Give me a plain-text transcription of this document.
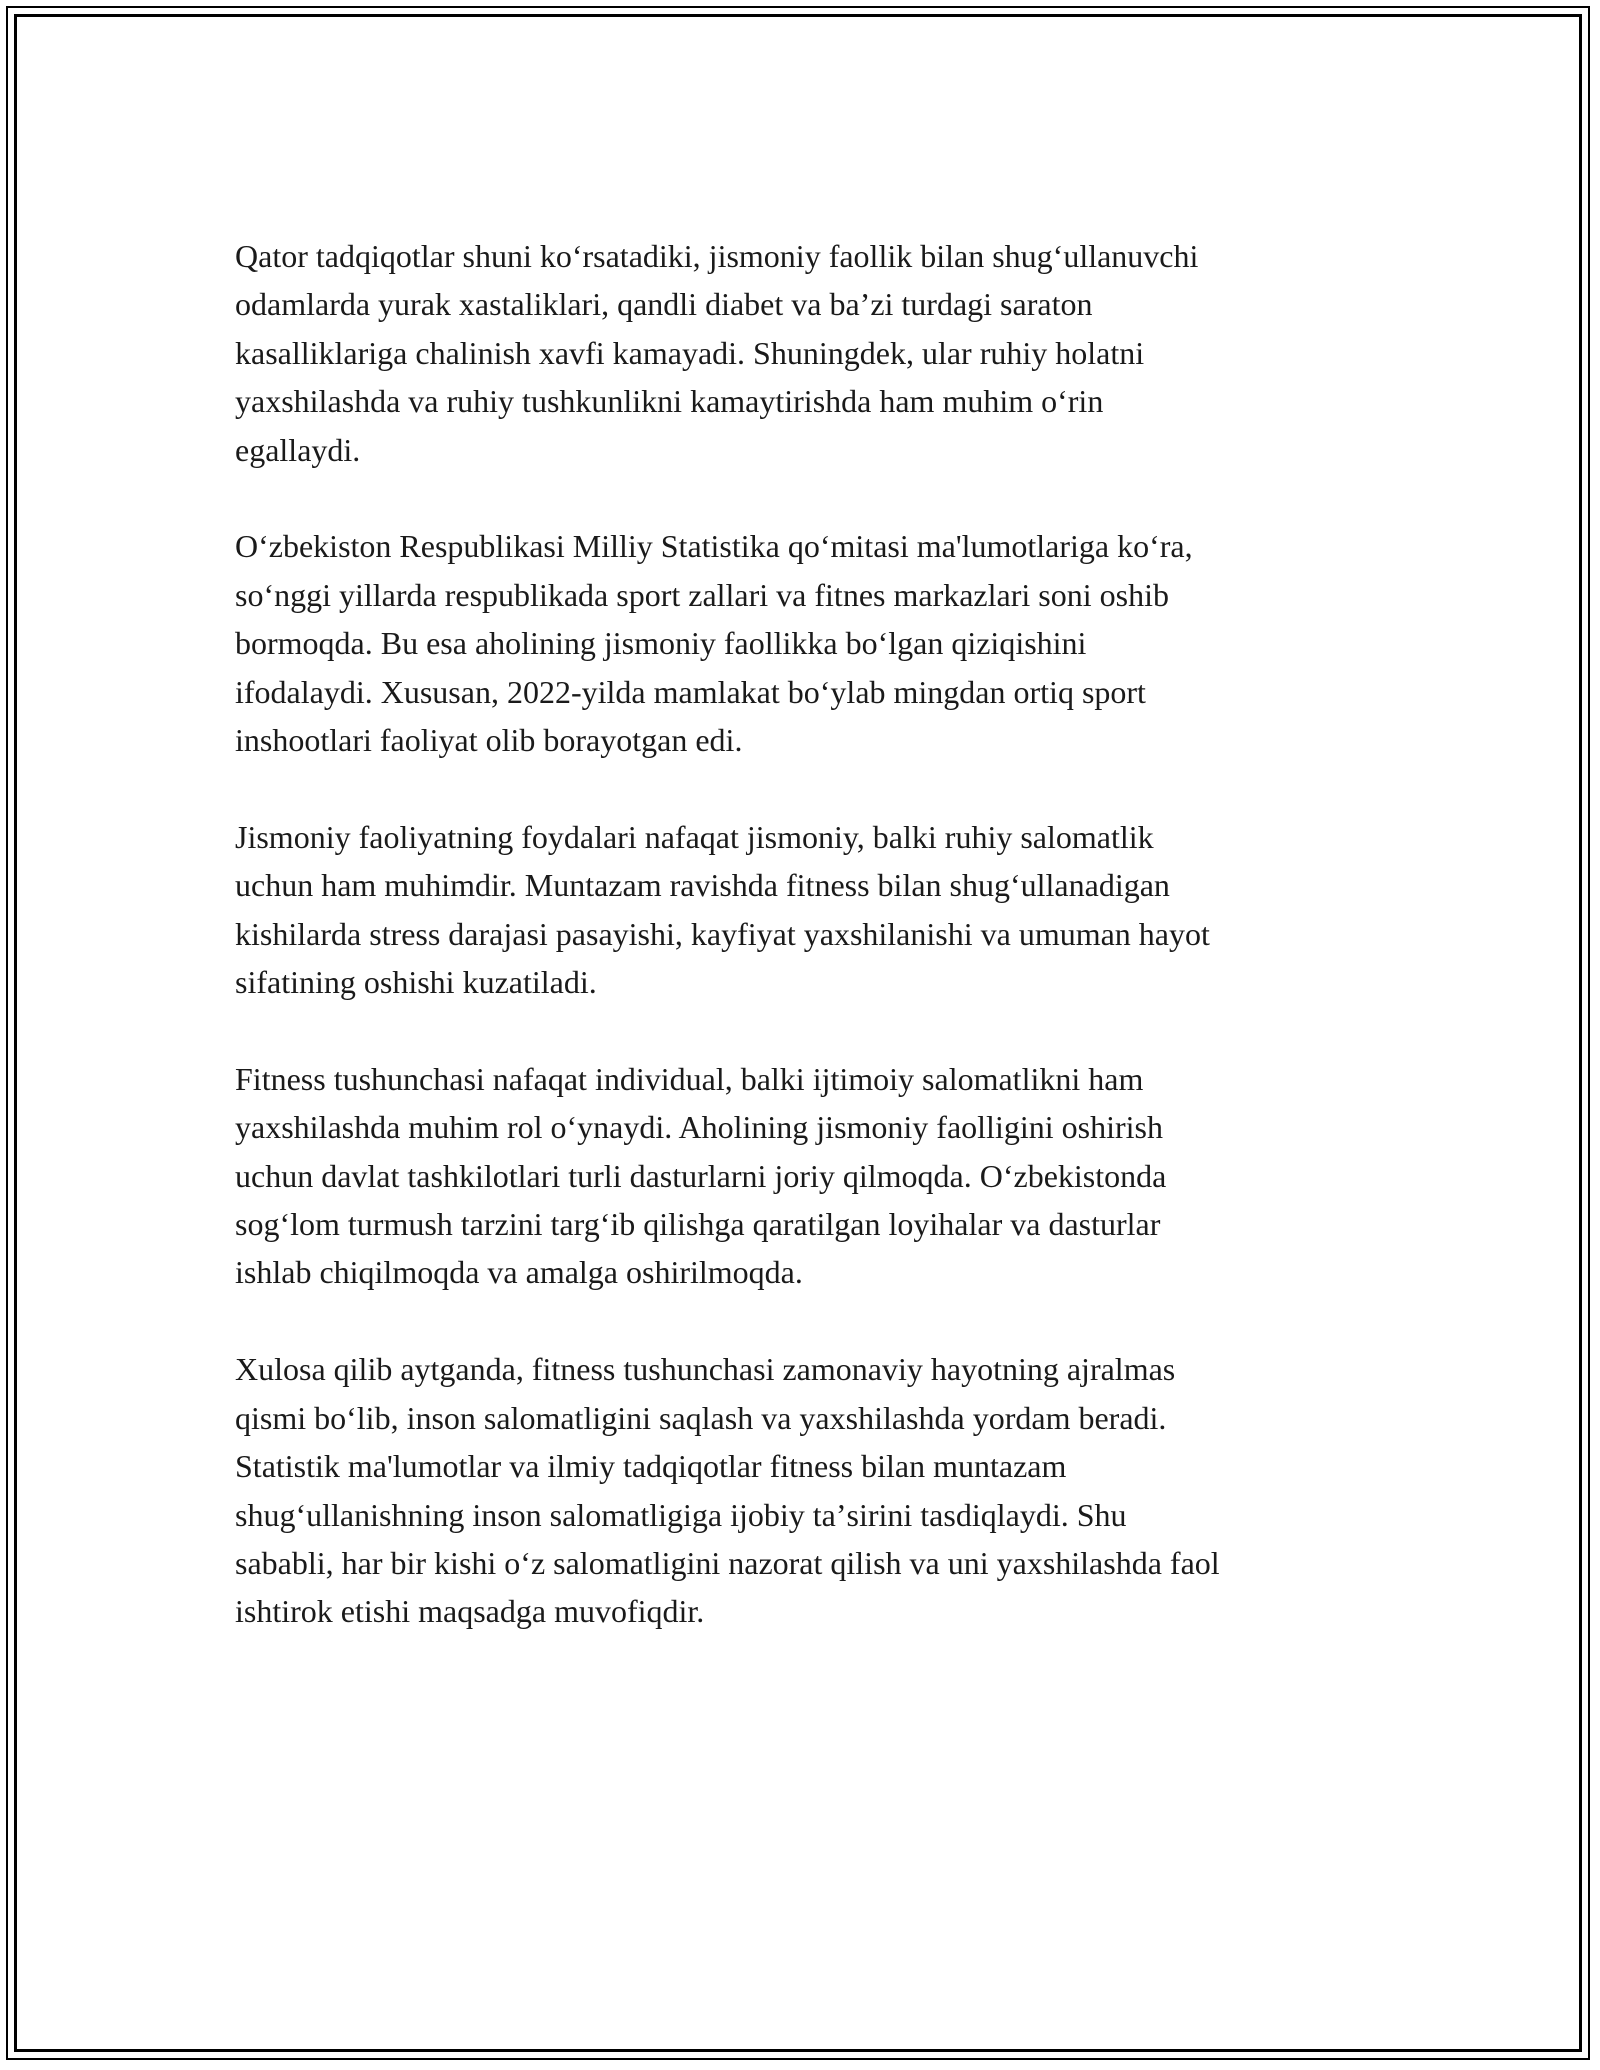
Qator tadqiqotlar shuni koʻrsatadiki, jismoniy faollik bilan shugʻullanuvchi
odamlarda yurak xastaliklari, qandli diabet va baʼzi turdagi saraton
kasalliklariga chalinish xavfi kamayadi. Shuningdek, ular ruhiy holatni
yaxshilashda va ruhiy tushkunlikni kamaytirishda ham muhim oʻrin
egallaydi.

Oʻzbekiston Respublikasi Milliy Statistika qoʻmitasi ma'lumotlariga koʻra,
soʻnggi yillarda respublikada sport zallari va fitnes markazlari soni oshib
bormoqda. Bu esa aholining jismoniy faollikka boʻlgan qiziqishini
ifodalaydi. Xususan, 2022-yilda mamlakat boʻylab mingdan ortiq sport
inshootlari faoliyat olib borayotgan edi.

Jismoniy faoliyatning foydalari nafaqat jismoniy, balki ruhiy salomatlik
uchun ham muhimdir. Muntazam ravishda fitness bilan shugʻullanadigan
kishilarda stress darajasi pasayishi, kayfiyat yaxshilanishi va umuman hayot
sifatining oshishi kuzatiladi.

Fitness tushunchasi nafaqat individual, balki ijtimoiy salomatlikni ham
yaxshilashda muhim rol oʻynaydi. Aholining jismoniy faolligini oshirish
uchun davlat tashkilotlari turli dasturlarni joriy qilmoqda. Oʻzbekistonda
sogʻlom turmush tarzini targʻib qilishga qaratilgan loyihalar va dasturlar
ishlab chiqilmoqda va amalga oshirilmoqda.

Xulosa qilib aytganda, fitness tushunchasi zamonaviy hayotning ajralmas
qismi boʻlib, inson salomatligini saqlash va yaxshilashda yordam beradi.
Statistik ma'lumotlar va ilmiy tadqiqotlar fitness bilan muntazam
shugʻullanishning inson salomatligiga ijobiy taʼsirini tasdiqlaydi. Shu
sababli, har bir kishi oʻz salomatligini nazorat qilish va uni yaxshilashda faol
ishtirok etishi maqsadga muvofiqdir.
